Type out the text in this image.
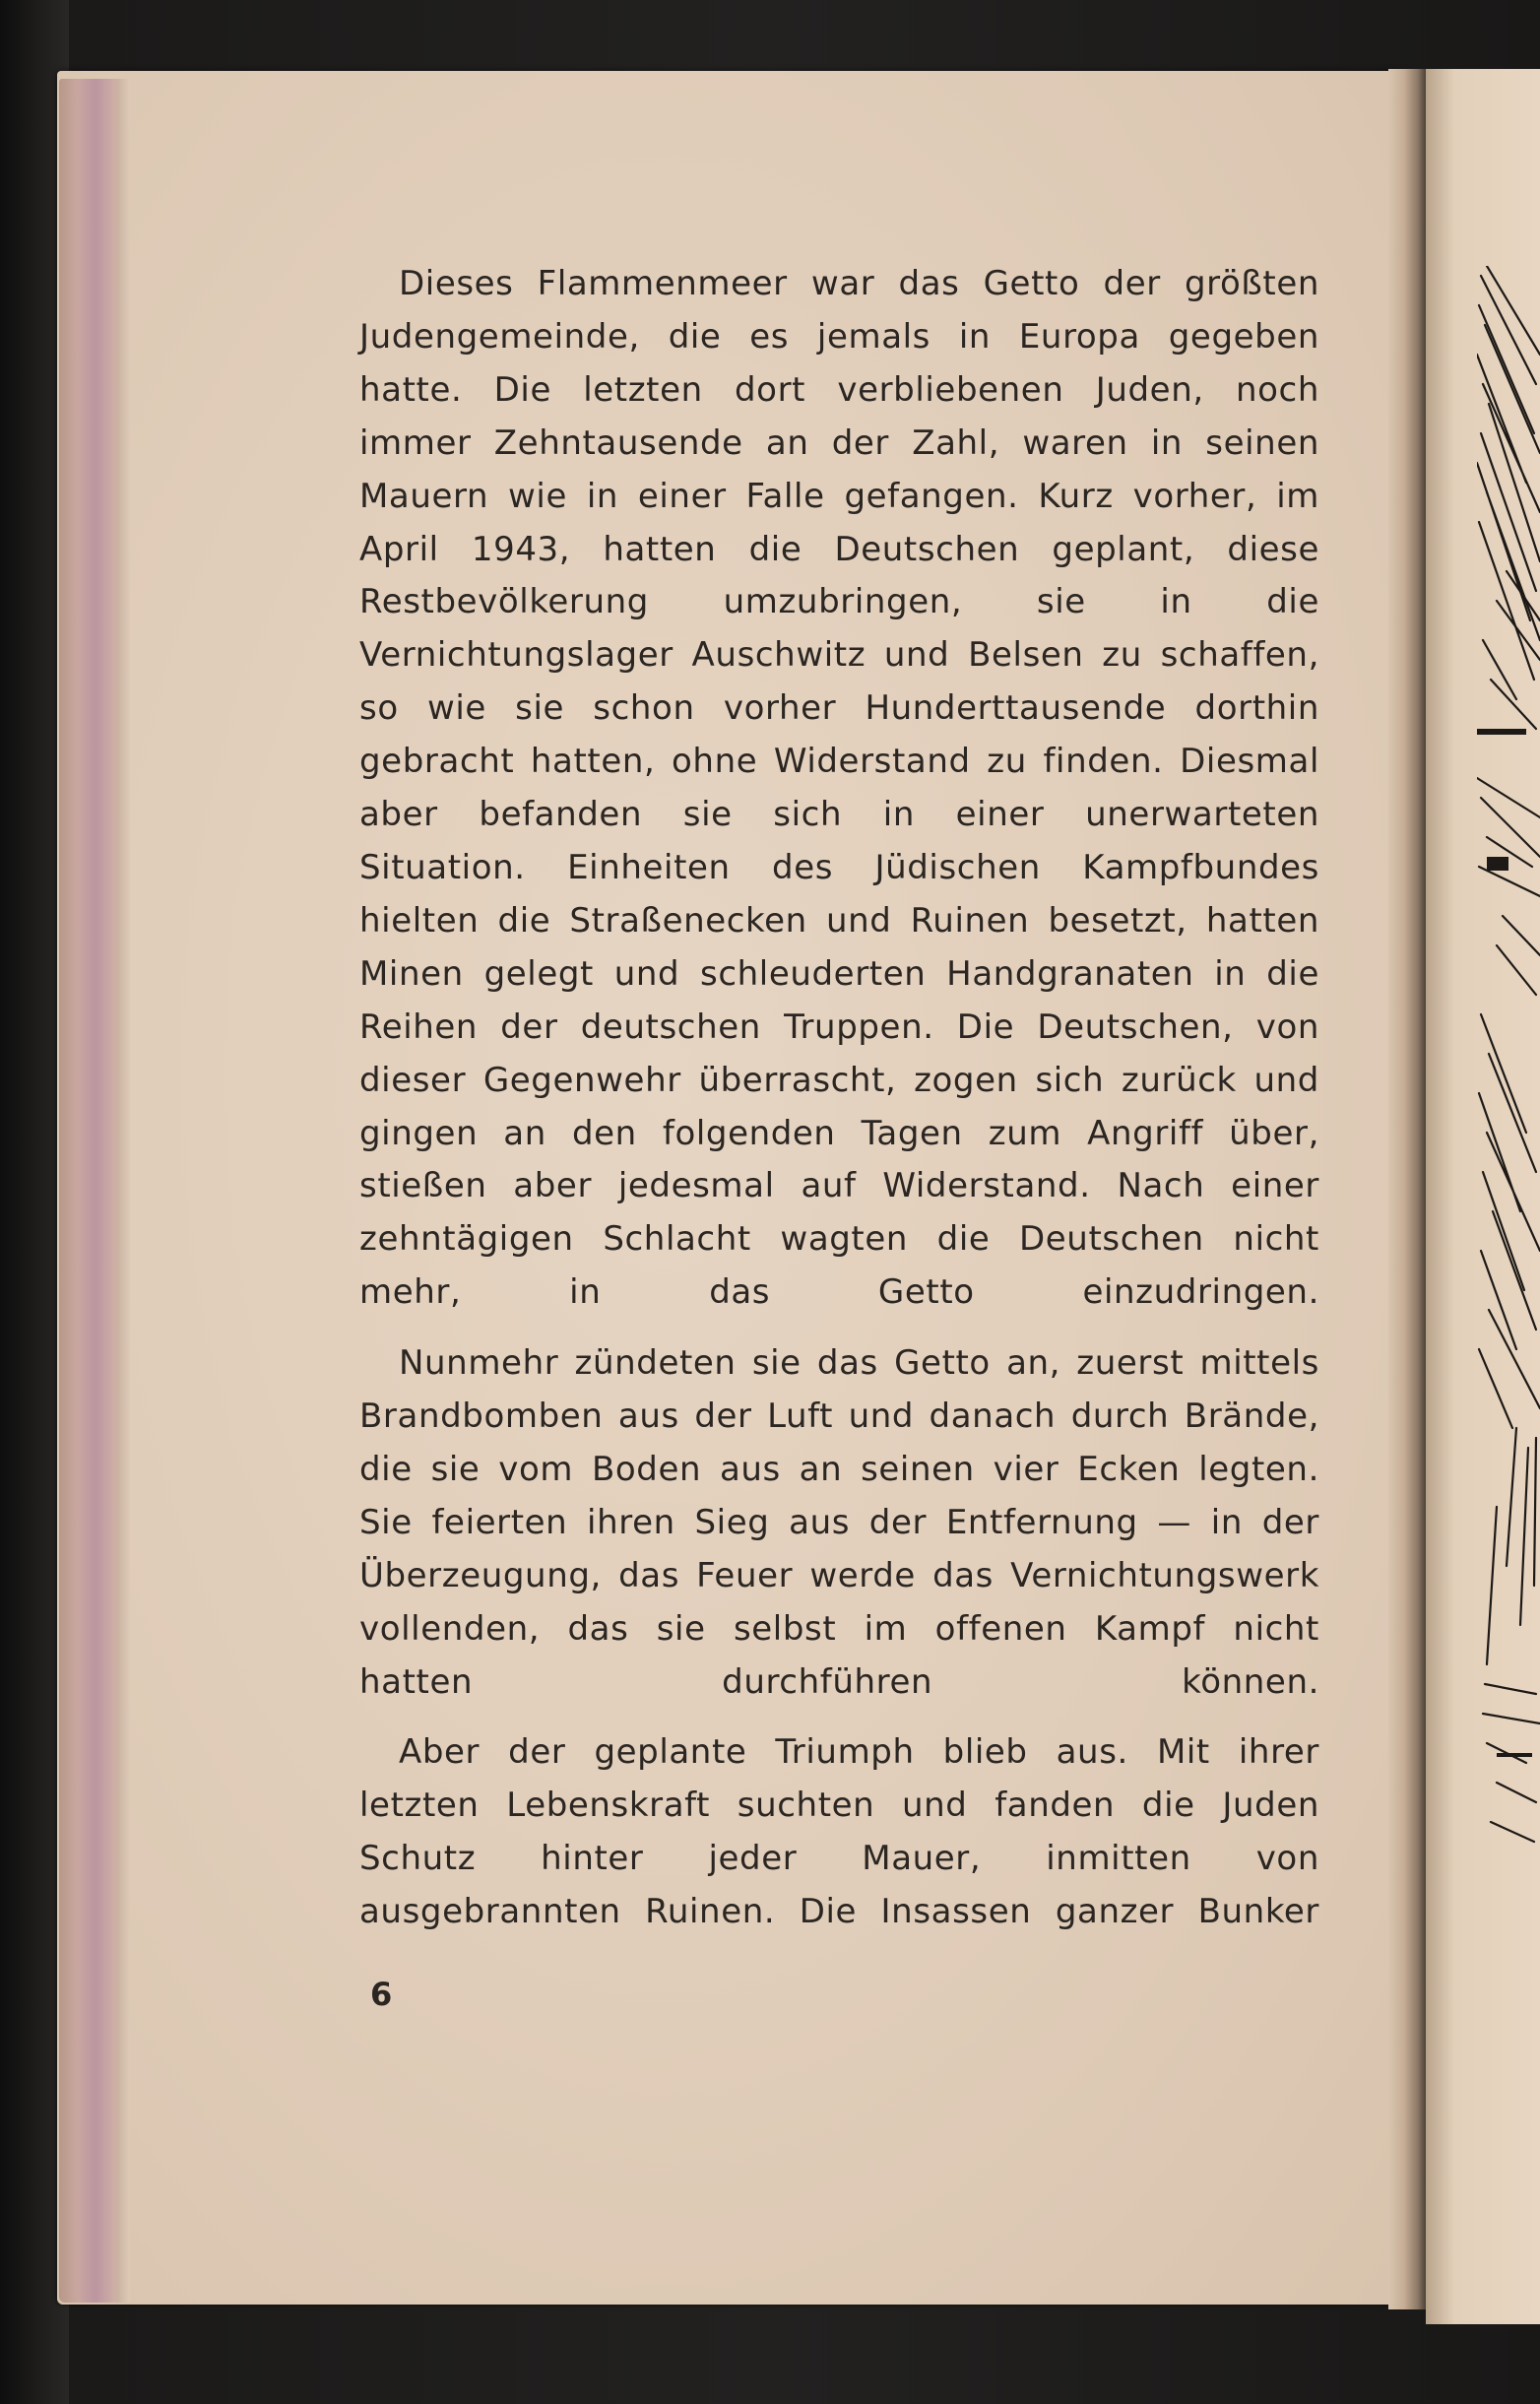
Dieses Flammenmeer war das Getto der größten Judengemeinde, die es jemals in Europa gegeben hatte. Die letzten dort verbliebenen Juden, noch immer Zehntausende an der Zahl, waren in seinen Mauern wie in einer Falle gefangen. Kurz vorher, im April 1943, hatten die Deutschen geplant, diese Restbevölkerung umzubringen, sie in die Vernichtungslager Auschwitz und Belsen zu schaffen, so wie sie schon vorher Hunderttausende dorthin gebracht hatten, ohne Widerstand zu finden. Diesmal aber befanden sie sich in einer unerwarteten Situation. Einheiten des Jüdischen Kampfbundes hielten die Straßenecken und Ruinen besetzt, hatten Minen gelegt und schleuderten Handgranaten in die Reihen der deutschen Truppen. Die Deutschen, von dieser Gegenwehr überrascht, zogen sich zurück und gingen an den folgenden Tagen zum Angriff über, stießen aber jedesmal auf Widerstand. Nach einer zehntägigen Schlacht wagten die Deutschen nicht mehr, in das Getto einzudringen.

Nunmehr zündeten sie das Getto an, zuerst mittels Brandbomben aus der Luft und danach durch Brände, die sie vom Boden aus an seinen vier Ecken legten. Sie feierten ihren Sieg aus der Entfernung — in der Überzeugung, das Feuer werde das Vernichtungswerk vollenden, das sie selbst im offenen Kampf nicht hatten durchführen können.

Aber der geplante Triumph blieb aus. Mit ihrer letzten Lebenskraft suchten und fanden die Juden Schutz hinter jeder Mauer, inmitten von ausgebrannten Ruinen. Die Insassen ganzer Bunker

6
